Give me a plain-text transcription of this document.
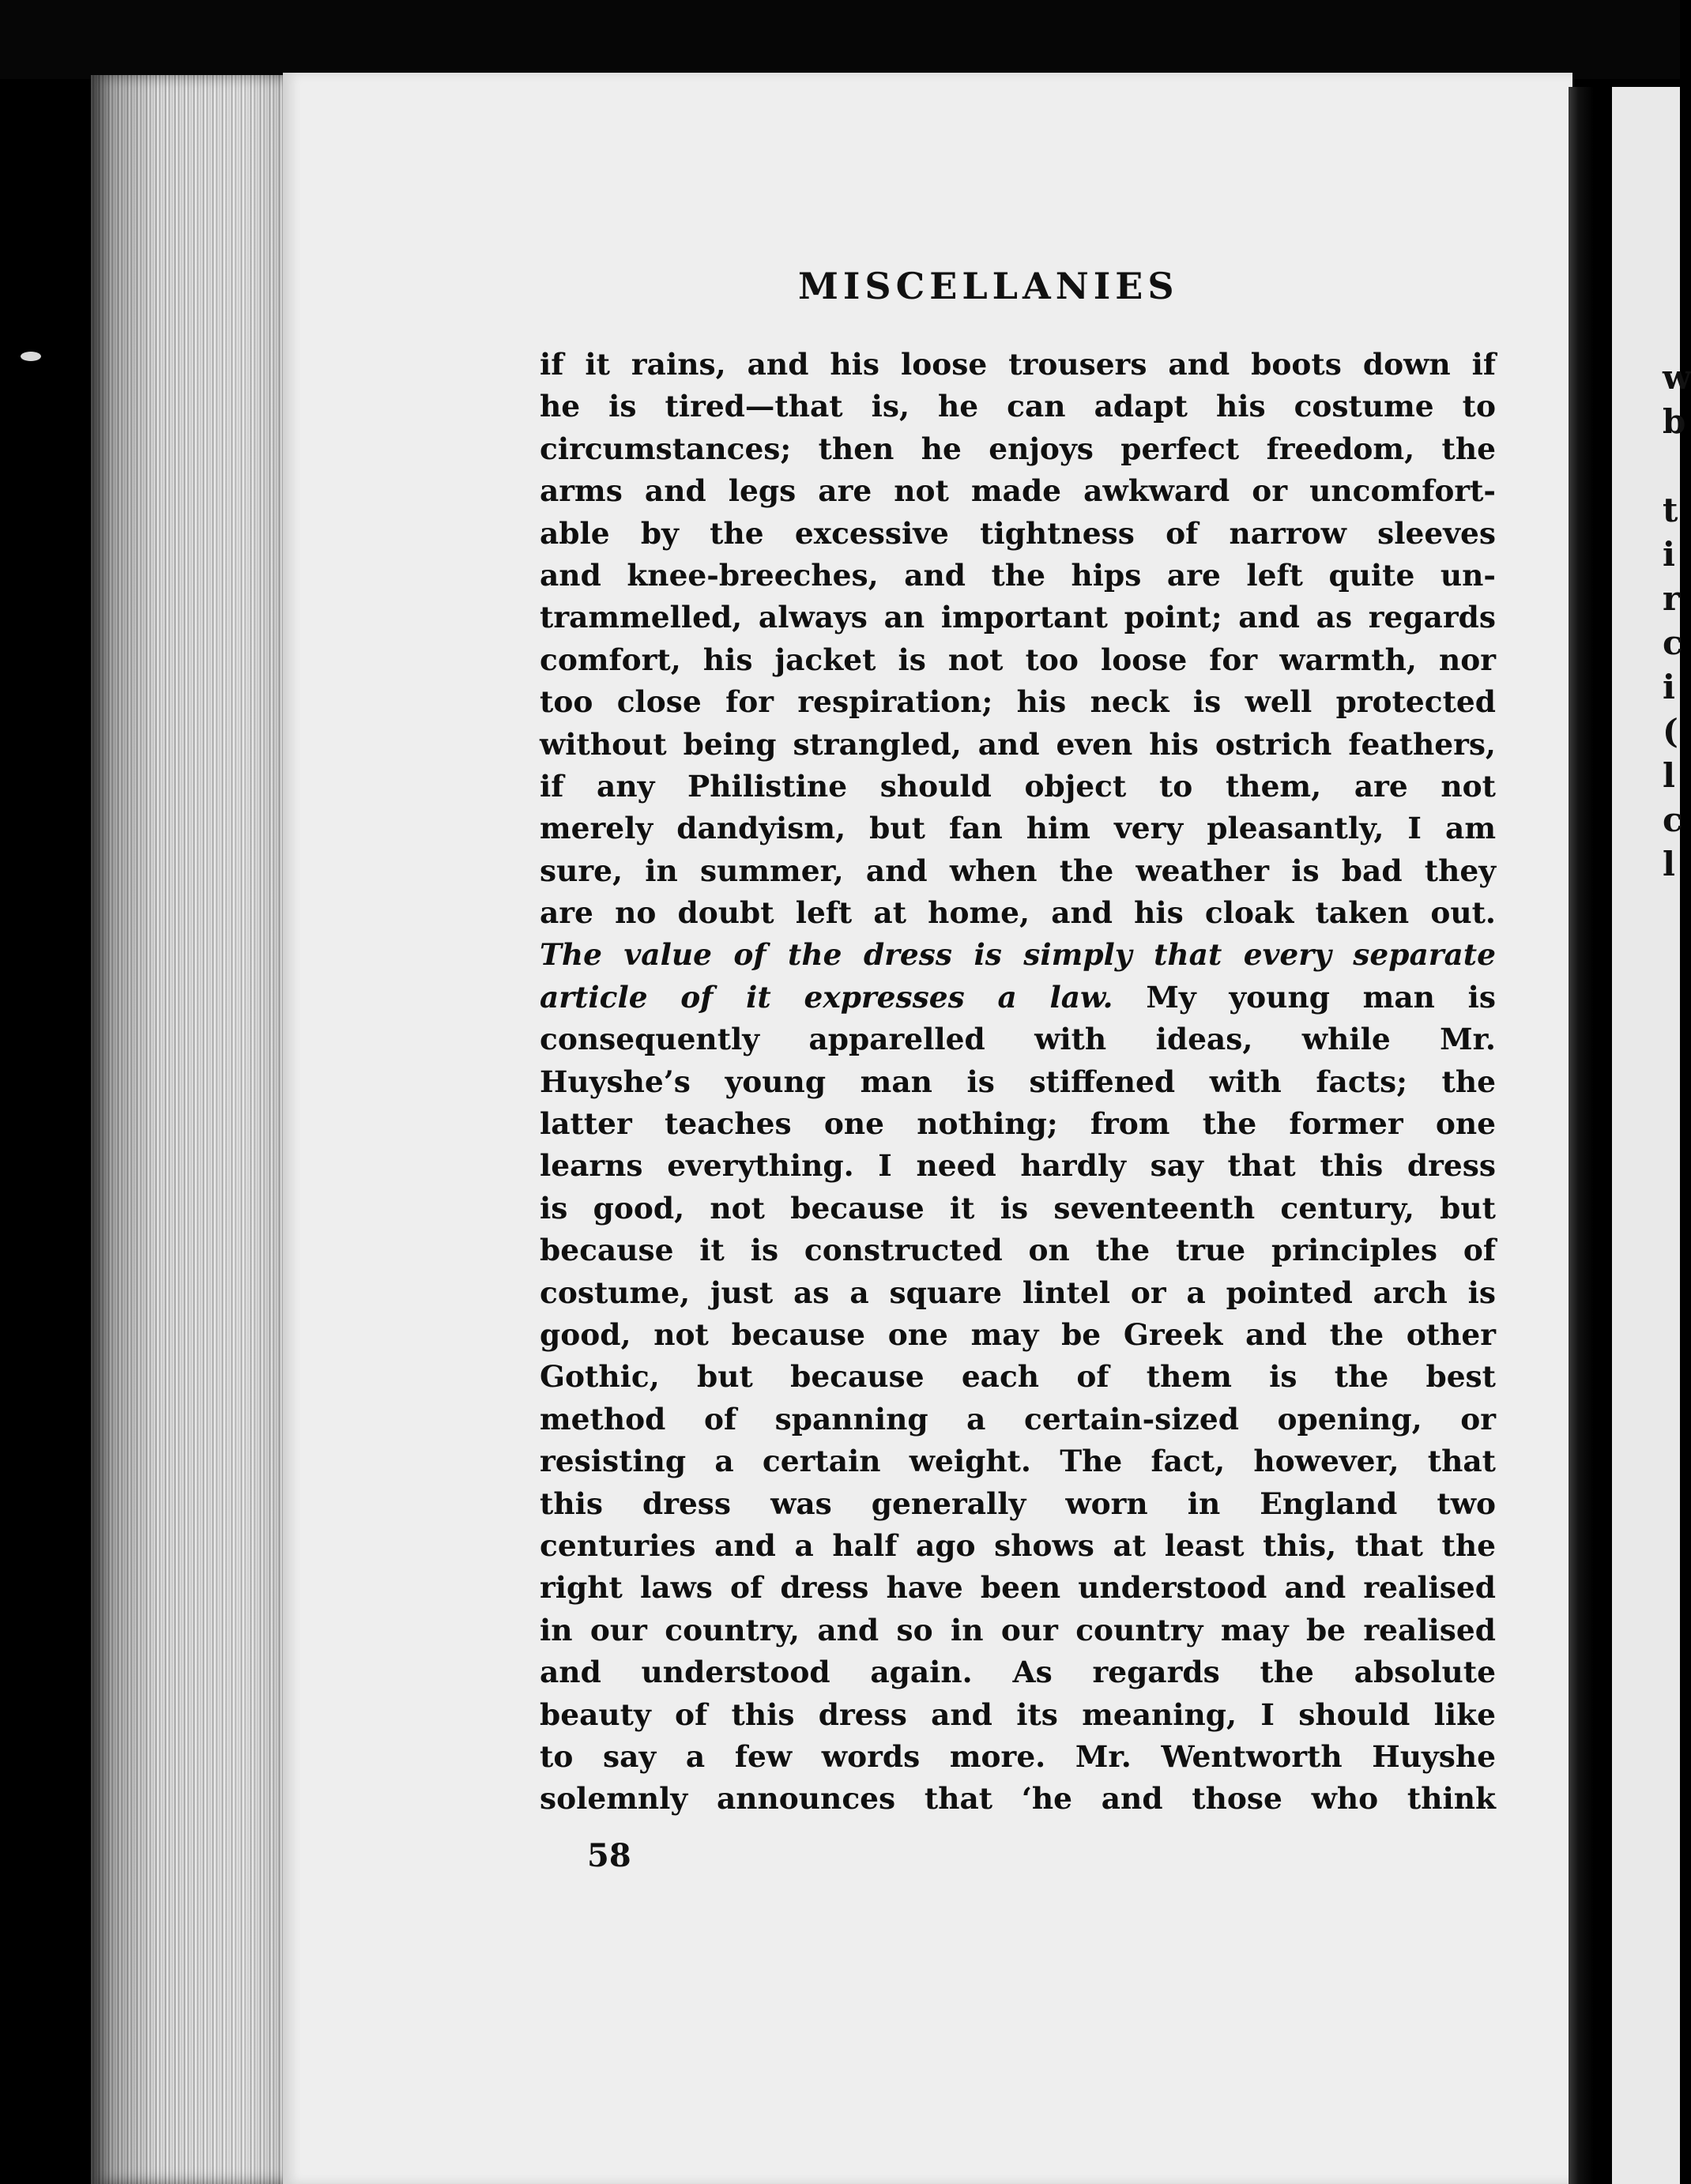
w
b
t
i
r
c
i
(
l
c
l
MISCELLANIES
if it rains, and his loose trousers and boots down if
he is tired—that is, he can adapt his costume to
circumstances; then he enjoys perfect freedom, the
arms and legs are not made awkward or uncomfort-
able by the excessive tightness of narrow sleeves
and knee-breeches, and the hips are left quite un-
trammelled, always an important point; and as regards
comfort, his jacket is not too loose for warmth, nor
too close for respiration; his neck is well protected
without being strangled, and even his ostrich feathers,
if any Philistine should object to them, are not
merely dandyism, but fan him very pleasantly, I am
sure, in summer, and when the weather is bad they
are no doubt left at home, and his cloak taken out.
The value of the dress is simply that every separate
article of it expresses a law. My young man is
consequently apparelled with ideas, while Mr.
Huyshe’s young man is stiffened with facts; the
latter teaches one nothing; from the former one
learns everything. I need hardly say that this dress
is good, not because it is seventeenth century, but
because it is constructed on the true principles of
costume, just as a square lintel or a pointed arch is
good, not because one may be Greek and the other
Gothic, but because each of them is the best
method of spanning a certain-sized opening, or
resisting a certain weight. The fact, however, that
this dress was generally worn in England two
centuries and a half ago shows at least this, that the
right laws of dress have been understood and realised
in our country, and so in our country may be realised
and understood again. As regards the absolute
beauty of this dress and its meaning, I should like
to say a few words more. Mr. Wentworth Huyshe
solemnly announces that ‘he and those who think
58
